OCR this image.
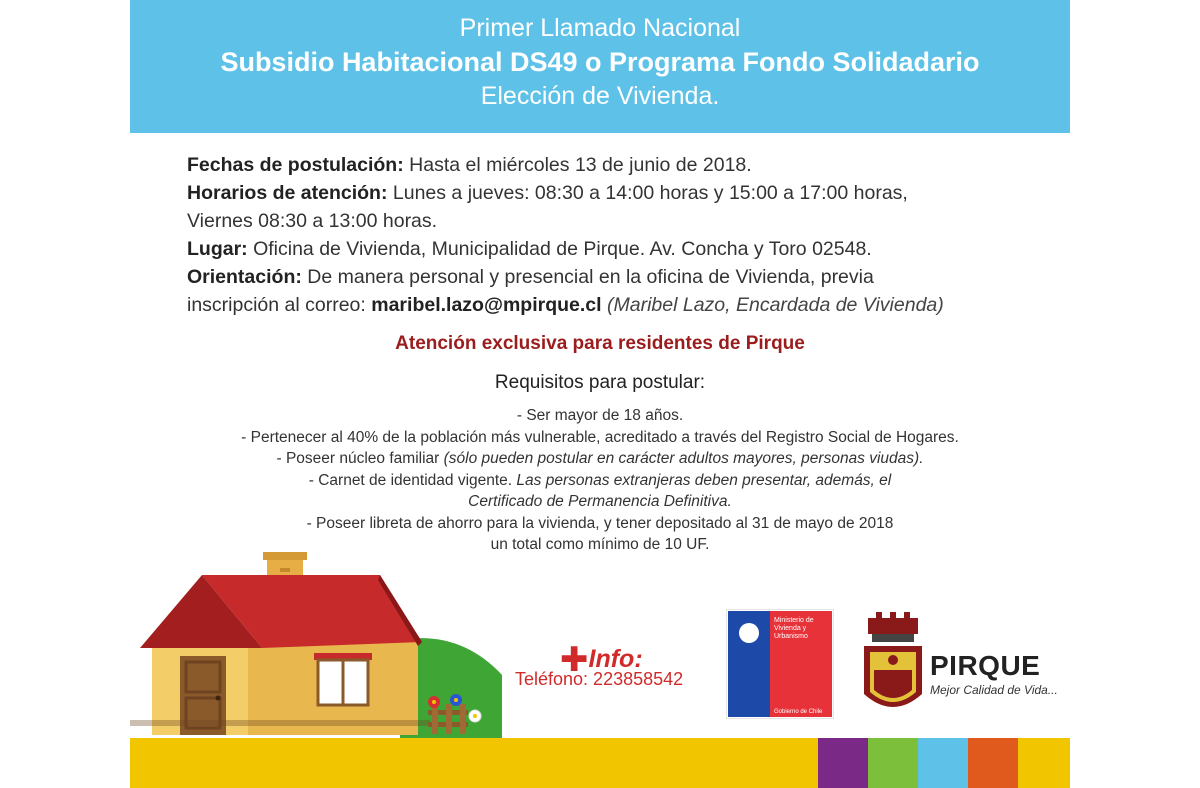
Primer Llamado Nacional
Subsidio Habitacional DS49 o Programa Fondo Solidadario
Elección de Vivienda.

Fechas de postulación: Hasta el miércoles 13 de junio de 2018.

Horarios de atención: Lunes a jueves: 08:30 a 14:00 horas y 15:00 a 17:00 horas,

Viernes 08:30 a 13:00 horas.

Lugar: Oficina de Vivienda, Municipalidad de Pirque. Av. Concha y Toro 02548.

Orientación: De manera personal y presencial en la oficina de Vivienda, previa

inscripción al correo: maribel.lazo@mpirque.cl (Maribel Lazo, Encardada de Vivienda)

Atención exclusiva para residentes de Pirque
Requisitos para postular:

- Ser mayor de 18 años.

- Pertenecer al 40% de la población más vulnerable, acreditado a través del Registro Social de Hogares.

- Poseer núcleo familiar (sólo pueden postular en carácter adultos mayores, personas viudas).

- Carnet de identidad vigente. Las personas extranjeras deben presentar, además, el

Certificado de Permanencia Definitiva.

- Poseer libreta de ahorro para la vivienda, y tener depositado al 31 de mayo de 2018

un total como mínimo de 10 UF.

✚Info:
Teléfono: 223858542
Ministerio de
Vivienda y
Urbanismo
Gobierno de Chile
PIRQUE
Mejor Calidad de Vida...
